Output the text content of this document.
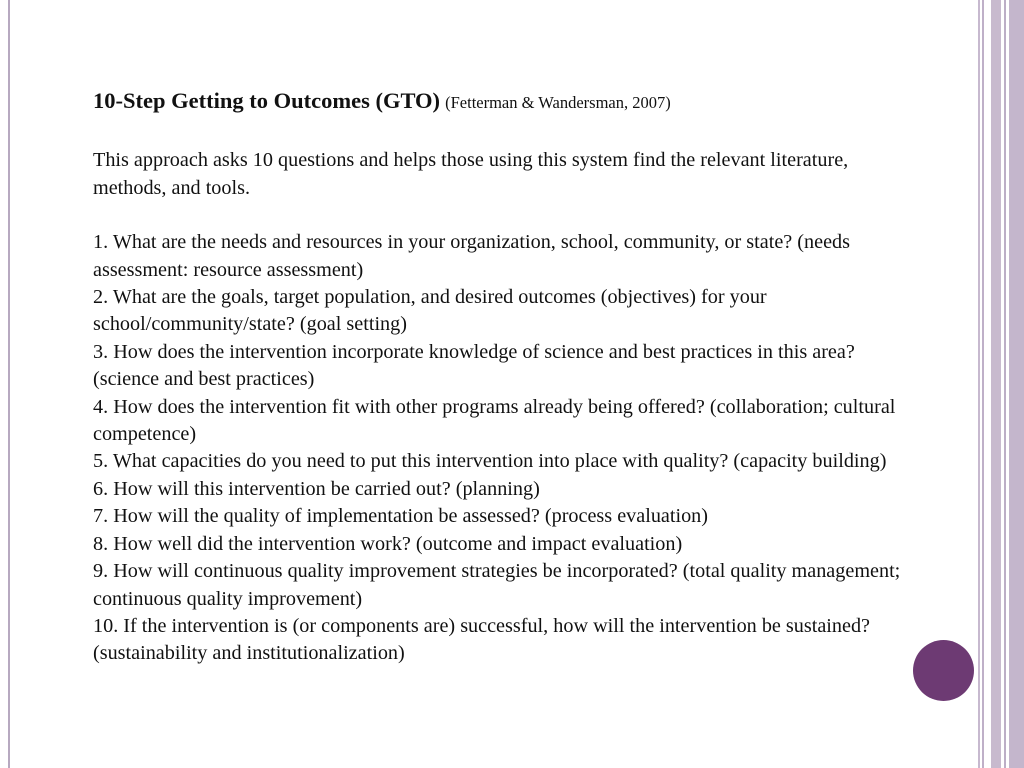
10-Step Getting to Outcomes (GTO) (Fetterman & Wandersman, 2007)

This approach asks 10 questions and helps those using this system find the relevant literature, methods, and tools.

1. What are the needs and resources in your organization, school, community, or state? (needs assessment: resource assessment)
2. What are the goals, target population, and desired outcomes (objectives) for your school/community/state? (goal setting)
3. How does the intervention incorporate knowledge of science and best practices in this area? (science and best practices)
4. How does the intervention fit with other programs already being offered? (collaboration; cultural competence)
5. What capacities do you need to put this intervention into place with quality? (capacity building)
6. How will this intervention be carried out? (planning)
7. How will the quality of implementation be assessed? (process evaluation)
8. How well did the intervention work? (outcome and impact evaluation)
9. How will continuous quality improvement strategies be incorporated? (total quality management; continuous quality improvement)
10. If the intervention is (or components are) successful, how will the intervention be sustained? (sustainability and institutionalization)
